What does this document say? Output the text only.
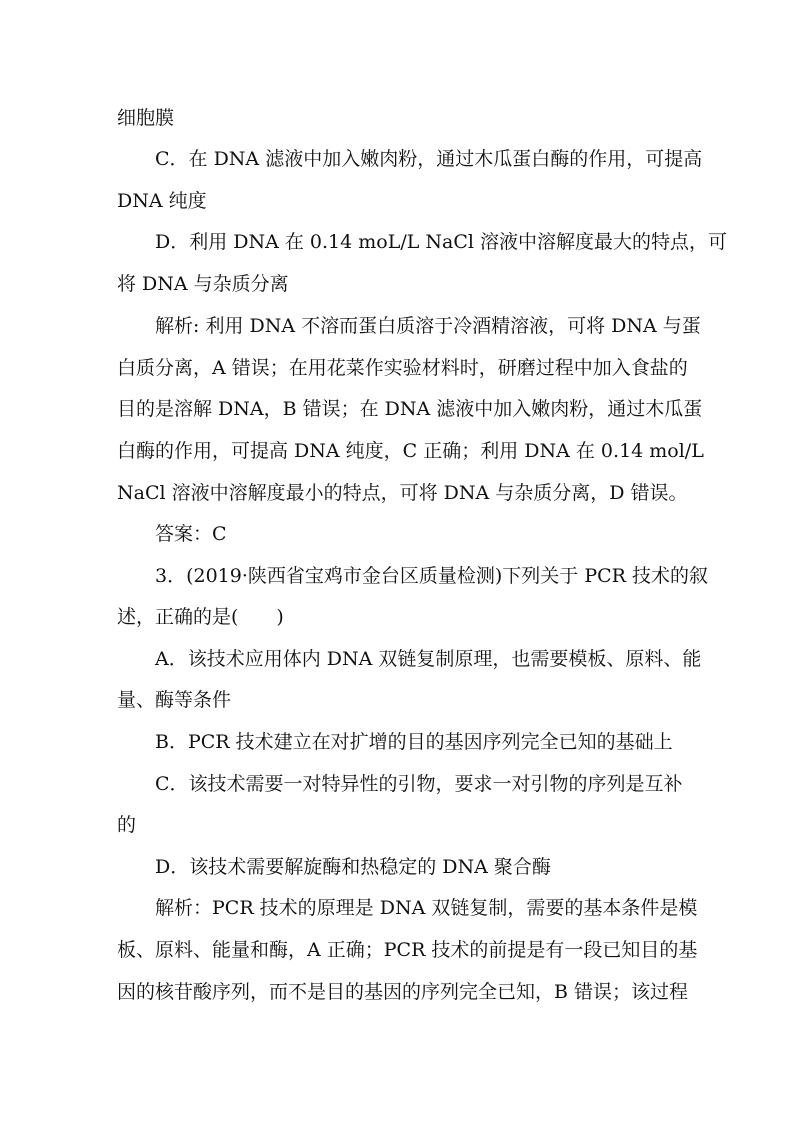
细胞膜
C．在 DNA 滤液中加入嫩肉粉，通过木瓜蛋白酶的作用，可提高
DNA 纯度
D．利用 DNA 在 0.14 moL/L NaCl 溶液中溶解度最大的特点，可
将 DNA 与杂质分离
解析: 利用 DNA 不溶而蛋白质溶于冷酒精溶液，可将 DNA 与蛋
白质分离，A 错误；在用花菜作实验材料时，研磨过程中加入食盐的
目的是溶解 DNA，B 错误；在 DNA 滤液中加入嫩肉粉，通过木瓜蛋
白酶的作用，可提高 DNA 纯度，C 正确；利用 DNA 在 0.14 mol/L
NaCl 溶液中溶解度最小的特点，可将 DNA 与杂质分离，D 错误。
答案：C
3．(2019·陕西省宝鸡市金台区质量检测)下列关于 PCR 技术的叙
述，正确的是(　　)
A．该技术应用体内 DNA 双链复制原理，也需要模板、原料、能
量、酶等条件
B．PCR 技术建立在对扩增的目的基因序列完全已知的基础上
C．该技术需要一对特异性的引物，要求一对引物的序列是互补
的
D．该技术需要解旋酶和热稳定的 DNA 聚合酶
解析：PCR 技术的原理是 DNA 双链复制，需要的基本条件是模
板、原料、能量和酶，A 正确；PCR 技术的前提是有一段已知目的基
因的核苷酸序列，而不是目的基因的序列完全已知，B 错误；该过程
